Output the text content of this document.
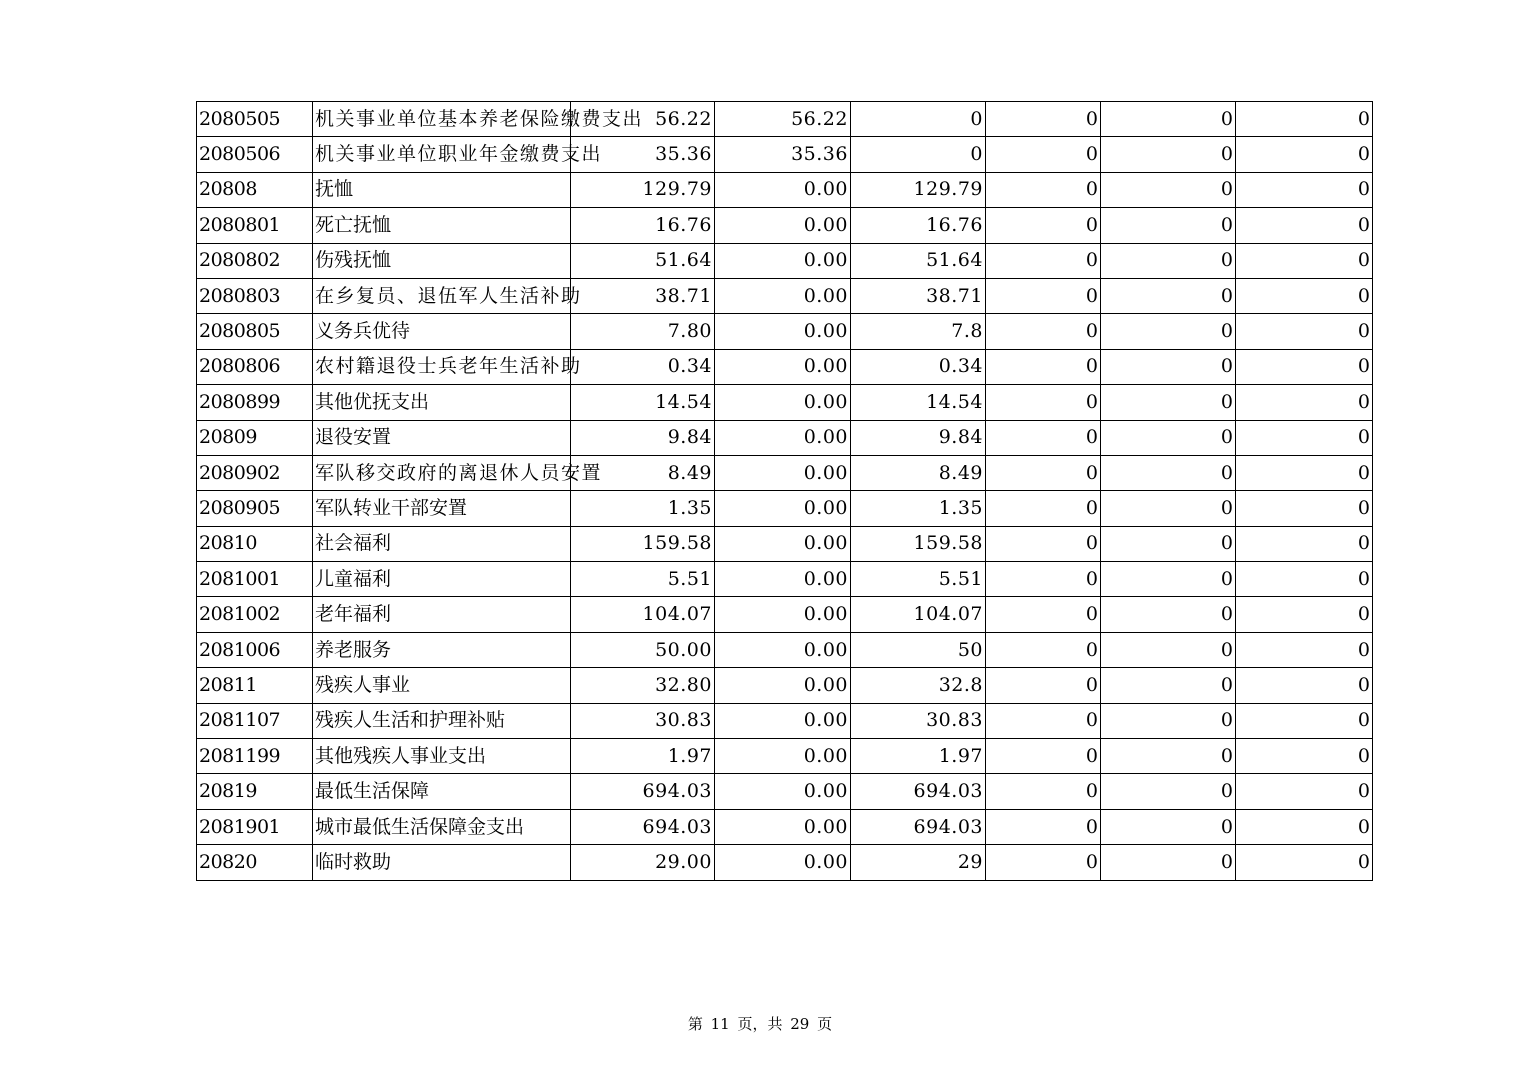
2080505	机关事业单位基本养老保险缴费支出	56.22	56.22	0	0	0	0
2080506	机关事业单位职业年金缴费支出	35.36	35.36	0	0	0	0
20808	抚恤	129.79	0.00	129.79	0	0	0
2080801	死亡抚恤	16.76	0.00	16.76	0	0	0
2080802	伤残抚恤	51.64	0.00	51.64	0	0	0
2080803	在乡复员、退伍军人生活补助	38.71	0.00	38.71	0	0	0
2080805	义务兵优待	7.80	0.00	7.8	0	0	0
2080806	农村籍退役士兵老年生活补助	0.34	0.00	0.34	0	0	0
2080899	其他优抚支出	14.54	0.00	14.54	0	0	0
20809	退役安置	9.84	0.00	9.84	0	0	0
2080902	军队移交政府的离退休人员安置	8.49	0.00	8.49	0	0	0
2080905	军队转业干部安置	1.35	0.00	1.35	0	0	0
20810	社会福利	159.58	0.00	159.58	0	0	0
2081001	儿童福利	5.51	0.00	5.51	0	0	0
2081002	老年福利	104.07	0.00	104.07	0	0	0
2081006	养老服务	50.00	0.00	50	0	0	0
20811	残疾人事业	32.80	0.00	32.8	0	0	0
2081107	残疾人生活和护理补贴	30.83	0.00	30.83	0	0	0
2081199	其他残疾人事业支出	1.97	0.00	1.97	0	0	0
20819	最低生活保障	694.03	0.00	694.03	0	0	0
2081901	城市最低生活保障金支出	694.03	0.00	694.03	0	0	0
20820	临时救助	29.00	0.00	29	0	0	0
第 11 页，共 29 页
